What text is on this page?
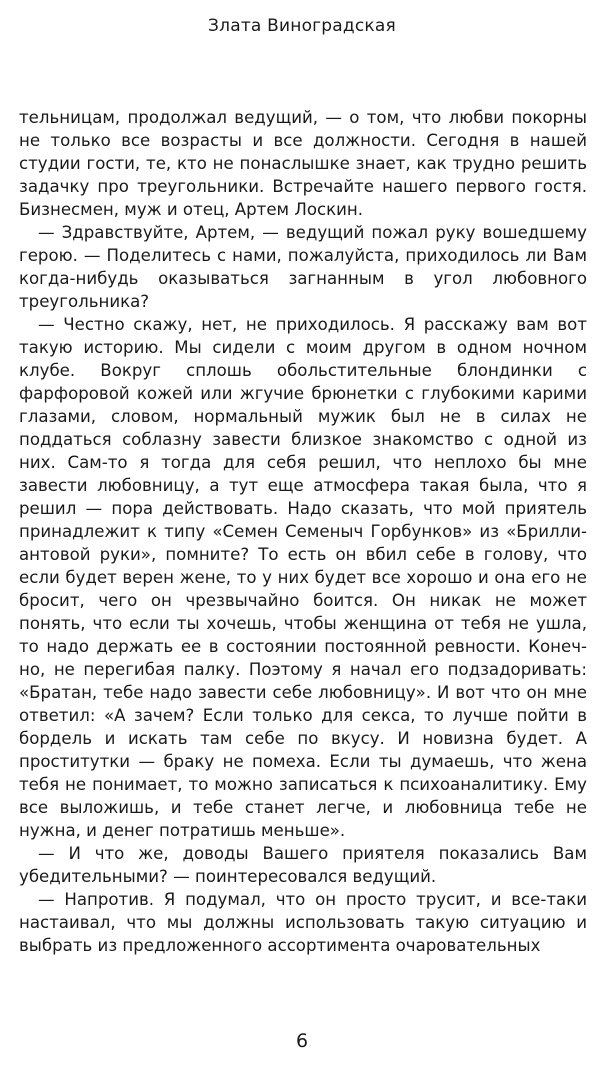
Злата Виноградская

тельницам, продолжал ведущий, — о том, что любви покорны не только все возрасты и все должности. Сегодня в нашей студии гости, те, кто не понаслышке знает, как трудно решить задачку про треугольники. Встречайте нашего первого гостя. Бизнесмен, муж и отец, Артем Лоскин.

— Здравствуйте, Артем, — ведущий пожал руку вошедшему герою. — Поделитесь с нами, пожалуйста, приходилось ли Вам когда-нибудь оказываться загнанным в угол любовного треугольника?

— Честно скажу, нет, не приходилось. Я расскажу вам вот такую историю. Мы сидели с моим другом в одном ночном клубе. Вокруг сплошь обольстительные блондинки с фарфоровой кожей или жгучие брюнетки с глубокими карими глазами, словом, нормальный мужик был не в силах не поддаться соблазну завести близкое знакомство с одной из них. Сам-то я тогда для себя решил, что неплохо бы мне завести любовницу, а тут еще атмосфера такая была, что я решил — пора действовать. Надо сказать, что мой приятель принадлежит к типу «Семен Семеныч Горбунков» из «Бриллиантовой руки», помните? То есть он вбил себе в голову, что если будет верен жене, то у них будет все хорошо и она его не бросит, чего он чрезвычайно боится. Он никак не может понять, что если ты хочешь, чтобы женщина от тебя не ушла, то надо держать ее в состоянии постоянной ревности. Конечно, не перегибая палку. Поэтому я начал его подзадоривать: «Братан, тебе надо завести себе любовницу». И вот что он мне ответил: «А зачем? Если только для секса, то лучше пойти в бордель и искать там себе по вкусу. И новизна будет. А проститутки — браку не помеха. Если ты думаешь, что жена тебя не понимает, то можно записаться к психоаналитику. Ему все выложишь, и тебе станет легче, и любовница тебе не нужна, и денег потратишь меньше».

— И что же, доводы Вашего приятеля показались Вам убедительными? — поинтересовался ведущий.

— Напротив. Я подумал, что он просто трусит, и все-таки настаивал, что мы должны использовать такую ситуацию и выбрать из предложенного ассортимента очаровательных

6
